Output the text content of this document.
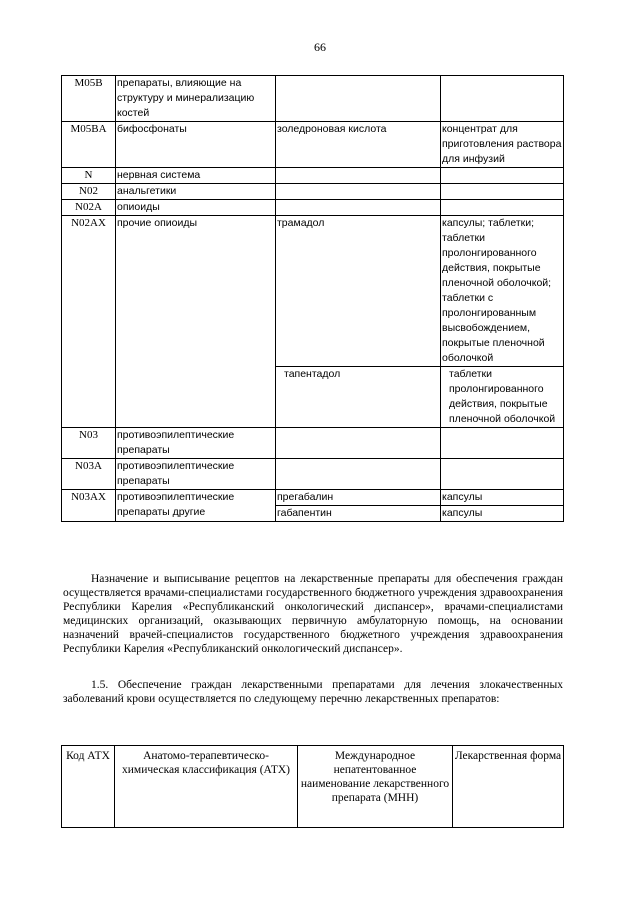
66
M05B	препараты, влияющие на структуру и минерализацию костей		
M05BA	бифосфонаты	золедроновая кислота	концентрат для приготовления раствора для инфузий
N	нервная система		
N02	анальгетики		
N02A	опиоиды		
N02AX	прочие опиоиды	трамадол	капсулы; таблетки; таблетки пролонгированного действия, покрытые пленочной оболочкой; таблетки с пролонгированным высвобождением, покрытые пленочной оболочкой
		тапентадол	таблетки пролонгированного действия, покрытые пленочной оболочкой
N03	противоэпилептические препараты		
N03A	противоэпилептические препараты		
N03AX	противоэпилептические препараты другие	прегабалин	капсулы
		габапентин	капсулы

Назначение и выписывание рецептов на лекарственные препараты для обеспечения граждан осуществляется врачами-специалистами государственного бюджетного учреждения здравоохранения Республики Карелия «Республиканский онкологический диспансер», врачами-специалистами медицинских организаций, оказывающих первичную амбулаторную помощь, на основании назначений врачей-специалистов государственного бюджетного учреждения здравоохранения Республики Карелия «Республиканский онкологический диспансер».

1.5. Обеспечение граждан лекарственными препаратами для лечения злокачественных заболеваний крови осуществляется по следующему перечню лекарственных препаратов:

Код АТХ	Анатомо-терапевтическо-химическая классификация (АТХ)	Международное непатентованное наименование лекарственного препарата (МНН)	Лекарственная форма
